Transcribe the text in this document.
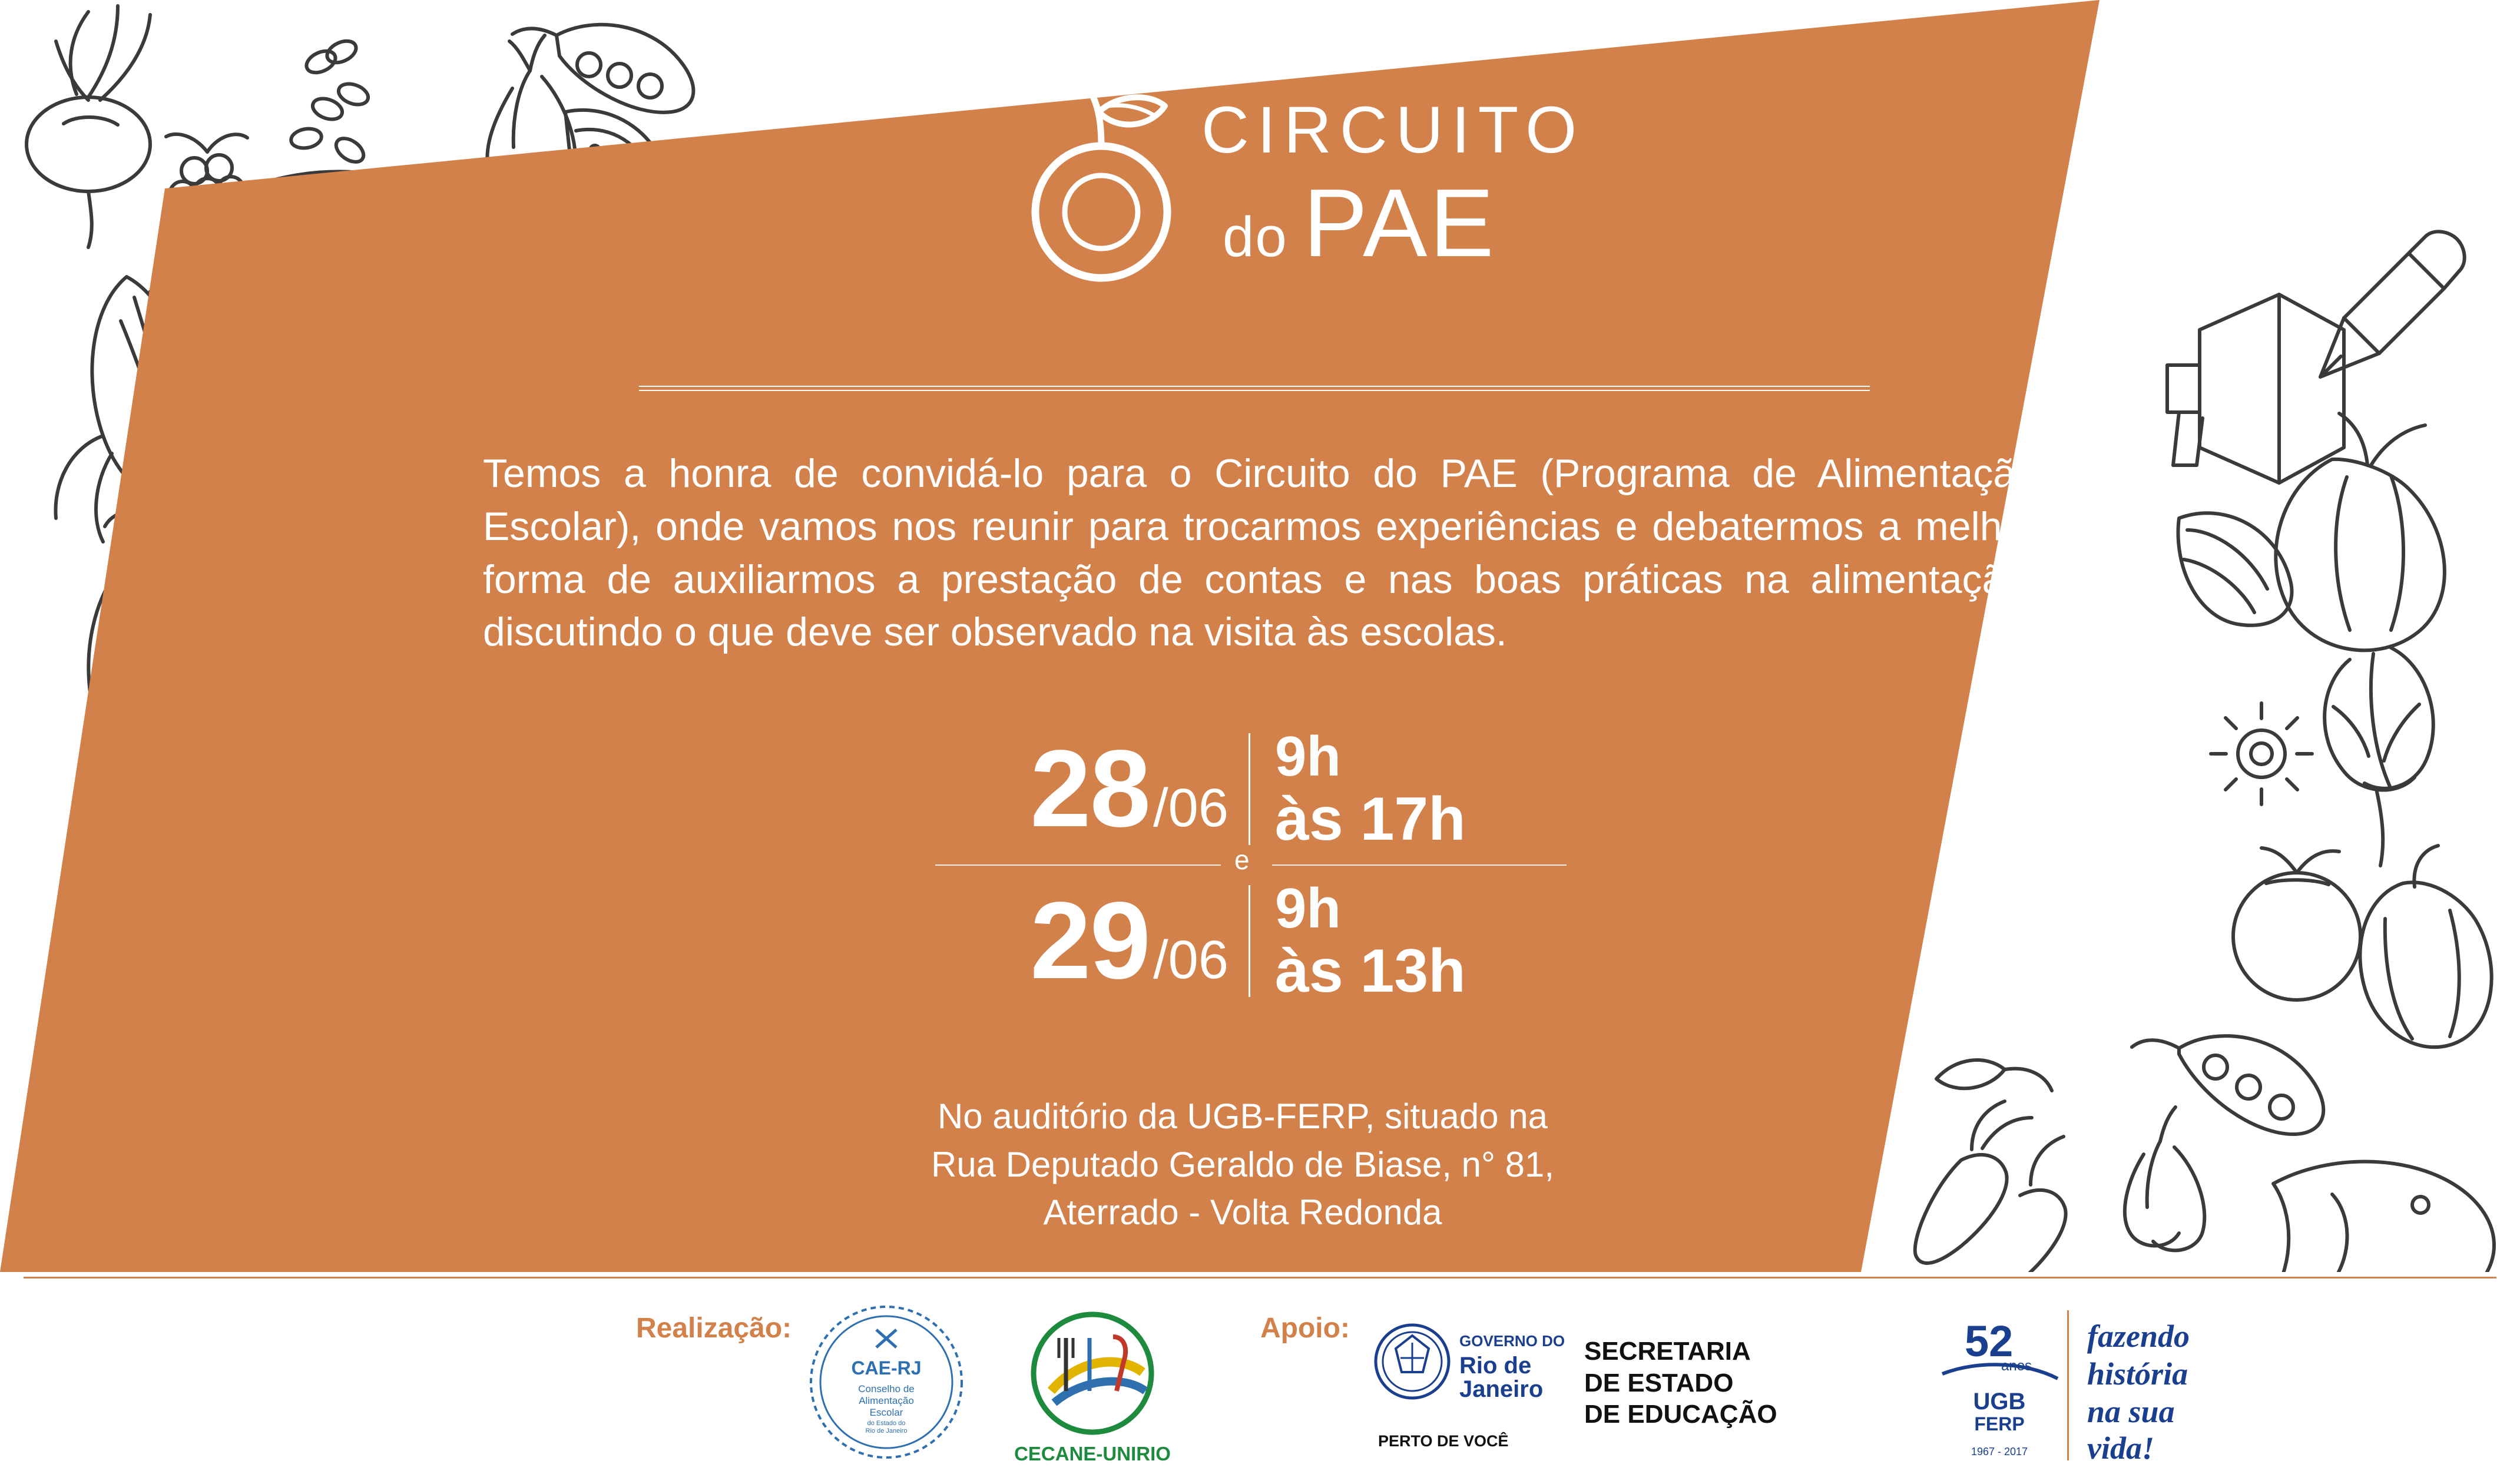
CIRCUITO
do PAE
Temos a honra de convidá-lo para o Circuito do PAE (Programa de Alimentação Escolar), onde vamos nos reunir para trocarmos experiências e debatermos a melhor forma de auxiliarmos a prestação de contas e nas boas práticas na alimentação, discutindo o que deve ser observado na visita às escolas.
28 /06
9h
às 17h
e
29 /06
9h
às 13h
No auditório da UGB-FERP, situado na
Rua Deputado Geraldo de Biase, n° 81,
Aterrado - Volta Redonda
Realização:	Apoio:
CAE-RJ
Conselho de
Alimentação
Escolar
do Estado do
Rio de Janeiro
CECANE-UNIRIO
GOVERNO DO
Rio de
Janeiro
PERTO DE VOCÊ
SECRETARIA
DE ESTADO
DE EDUCAÇÃO
52
anos
UGB
FERP
1967 - 2017
fazendo
história
na sua
vida!
